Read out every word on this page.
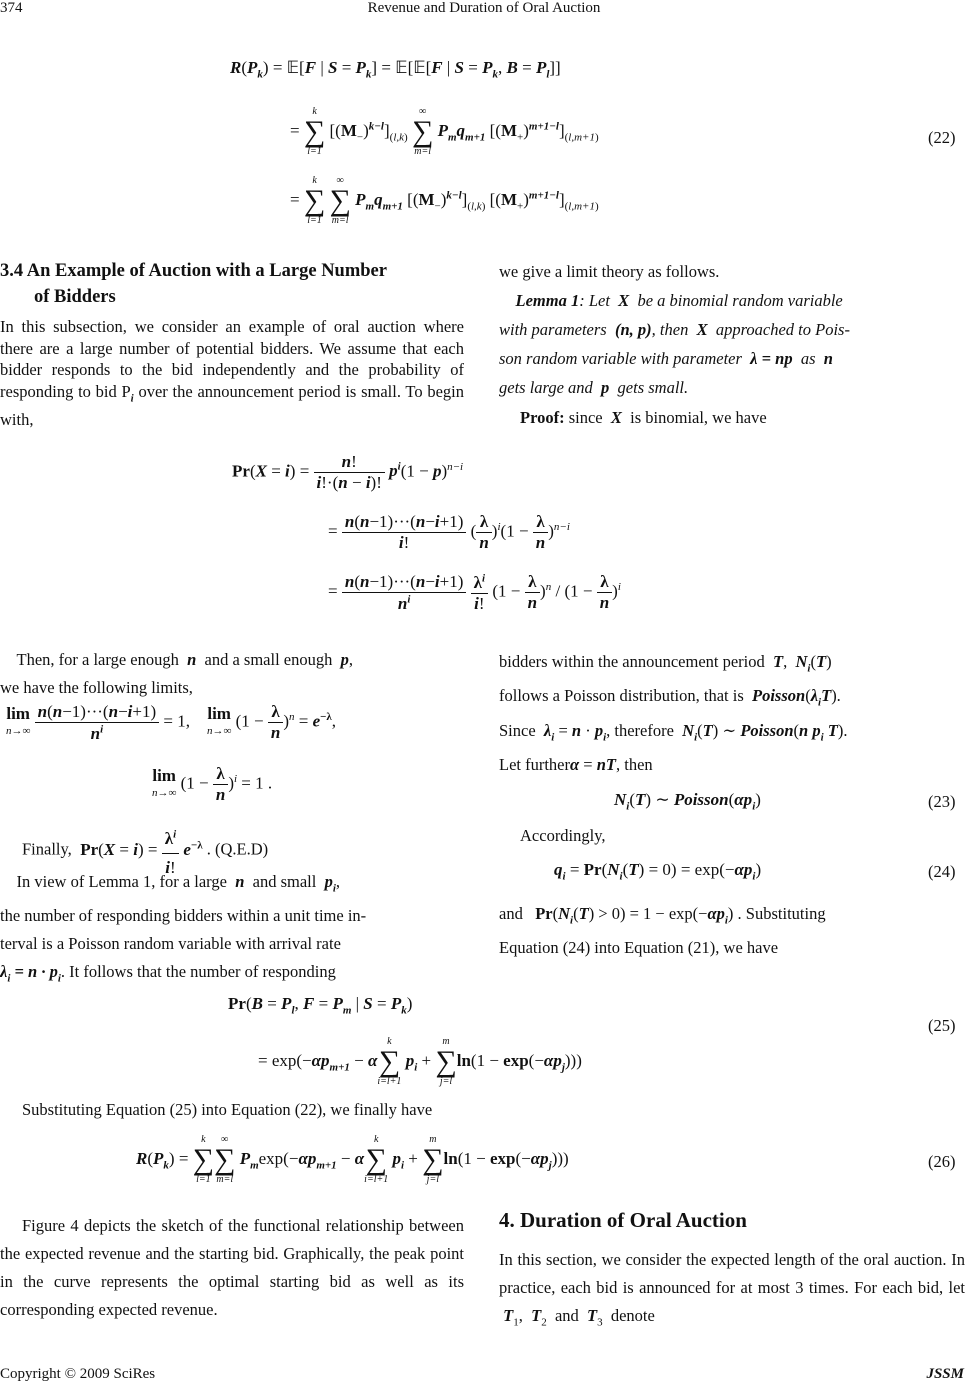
374	Revenue and Duration of Oral Auction
$R(P_k)$ = 𝔼[F | $S = P_k$] = 𝔼[𝔼[F | $S = P_k$, $B = P_l$]]
=
k
∑
l=1
$[(M_-)^{k-l}]_{(l,k)}$
∞
∑
m=l
$P_mq_{m+1}$ $[(M_+)^{m+1-l}]_{(l,m+1)}$
=
k
∑
l=1

∞
∑
m=l
$P_mq_{m+1}$ $[(M_-)^{k-l}]_{(l,k)}$ $[(M_+)^{m+1-l}]_{(l,m+1)}$
(22)
3.4 An Example of Auction with a Large Number
of Bidders
In this subsection, we consider an example of oral auction where there are a large number of potential bidders. We assume that each bidder responds to the bid independently and the probability of responding to bid $P_i$ over the announcement period is small. To begin with,
we give a limit theory as follows.
Lemma 1: Let X be a binomial random variable
with parameters (n, p), then X approached to Pois-
son random variable with parameter λ = np as n
gets large and p gets small.
Proof: since X is binomial, we have
$Pr(X = i) = \frac{n!}{i!\cdot(n - i)!} p^i(1 - p)^{n-i}$
= $\frac{n(n-1)\cdot\cdot\cdot(n-i+1)}{i!}$ ( $\frac{\lambda}{n} )^i(1 - \frac{\lambda}{n} )^{n-i}$
= $\frac{n(n-1)\cdot\cdot\cdot(n-i+1)}{n^i}$
$\frac{\lambda^i}{i!} (1 - \frac{\lambda}{n} )^n / (1 - \frac{\lambda}{n} )^i$
Then, for a large enough n and a small enough p,
we have the following limits,
lim
$n\to\infty \frac{n(n-1)\cdot\cdot\cdot(n-i+1)}{n^i} = 1$,    lim
n→∞ $(1 - \frac{\lambda}{n} )^n = e^{-\lambda}$,
lim
n→∞ $(1 - \frac{\lambda}{n} )^i = 1$ .
Finally, $Pr(X = i) = \frac{\lambda^i}{i!} e^{-\lambda}$ . (Q.E.D)
In view of Lemma 1, for a large n and small $p_i$,
the number of responding bidders within a unit time in-
terval is a Poisson random variable with arrival rate
$\lambda_i = n \cdot p_i$. It follows that the number of responding
bidders within the announcement period T,  $N_i(T)$
follows a Poisson distribution, that is $Poisson(\lambda_iT)$.
Since $\lambda_i = n \cdot p_i$, therefore $N_i(T)$ ∼ Poisson(n $p_i$ T).
Let furtherα = nT, then
$N_i(T)$ ∼ $Poisson(\alpha p_i)$	(23)
Accordingly,
$q_i = Pr(N_i(T) = 0) = \exp(-\alpha p_i)$	(24)
and $Pr(N_i(T) > 0) = 1 - \exp(-\alpha p_i)$ . Substituting
Equation (24) into Equation (21), we have
$Pr(B = P_l$, $F = P_m$ | $S = P_k$)
= $\exp(-\alpha p_{m+1} - \alpha$
k
∑
i=l+1
$p_i$ +
m
∑
j=l
$\ln(1 - \exp(-\alpha p_j))$)
(25)
Substituting Equation (25) into Equation (22), we finally have
$R(P_k)$ =
k
∑
l=1
∞
∑
m=l
$P_m\exp(-\alpha p_{m+1} - \alpha$
k
∑
i=l+1
$p_i$ +
m
∑
j=l
$\ln(1 - \exp(-\alpha p_j))$)	(26)
Figure 4 depicts the sketch of the functional relationship between the expected revenue and the starting bid. Graphically, the peak point in the curve represents the optimal starting bid as well as its corresponding expected revenue.
4. Duration of Oral Auction
In this section, we consider the expected length of the oral auction. In practice, each bid is announced for at most 3 times. For each bid, let  $T_1$,  $T_2$ and $T_3$ denote
Copyright © 2009 SciRes	JSSM
